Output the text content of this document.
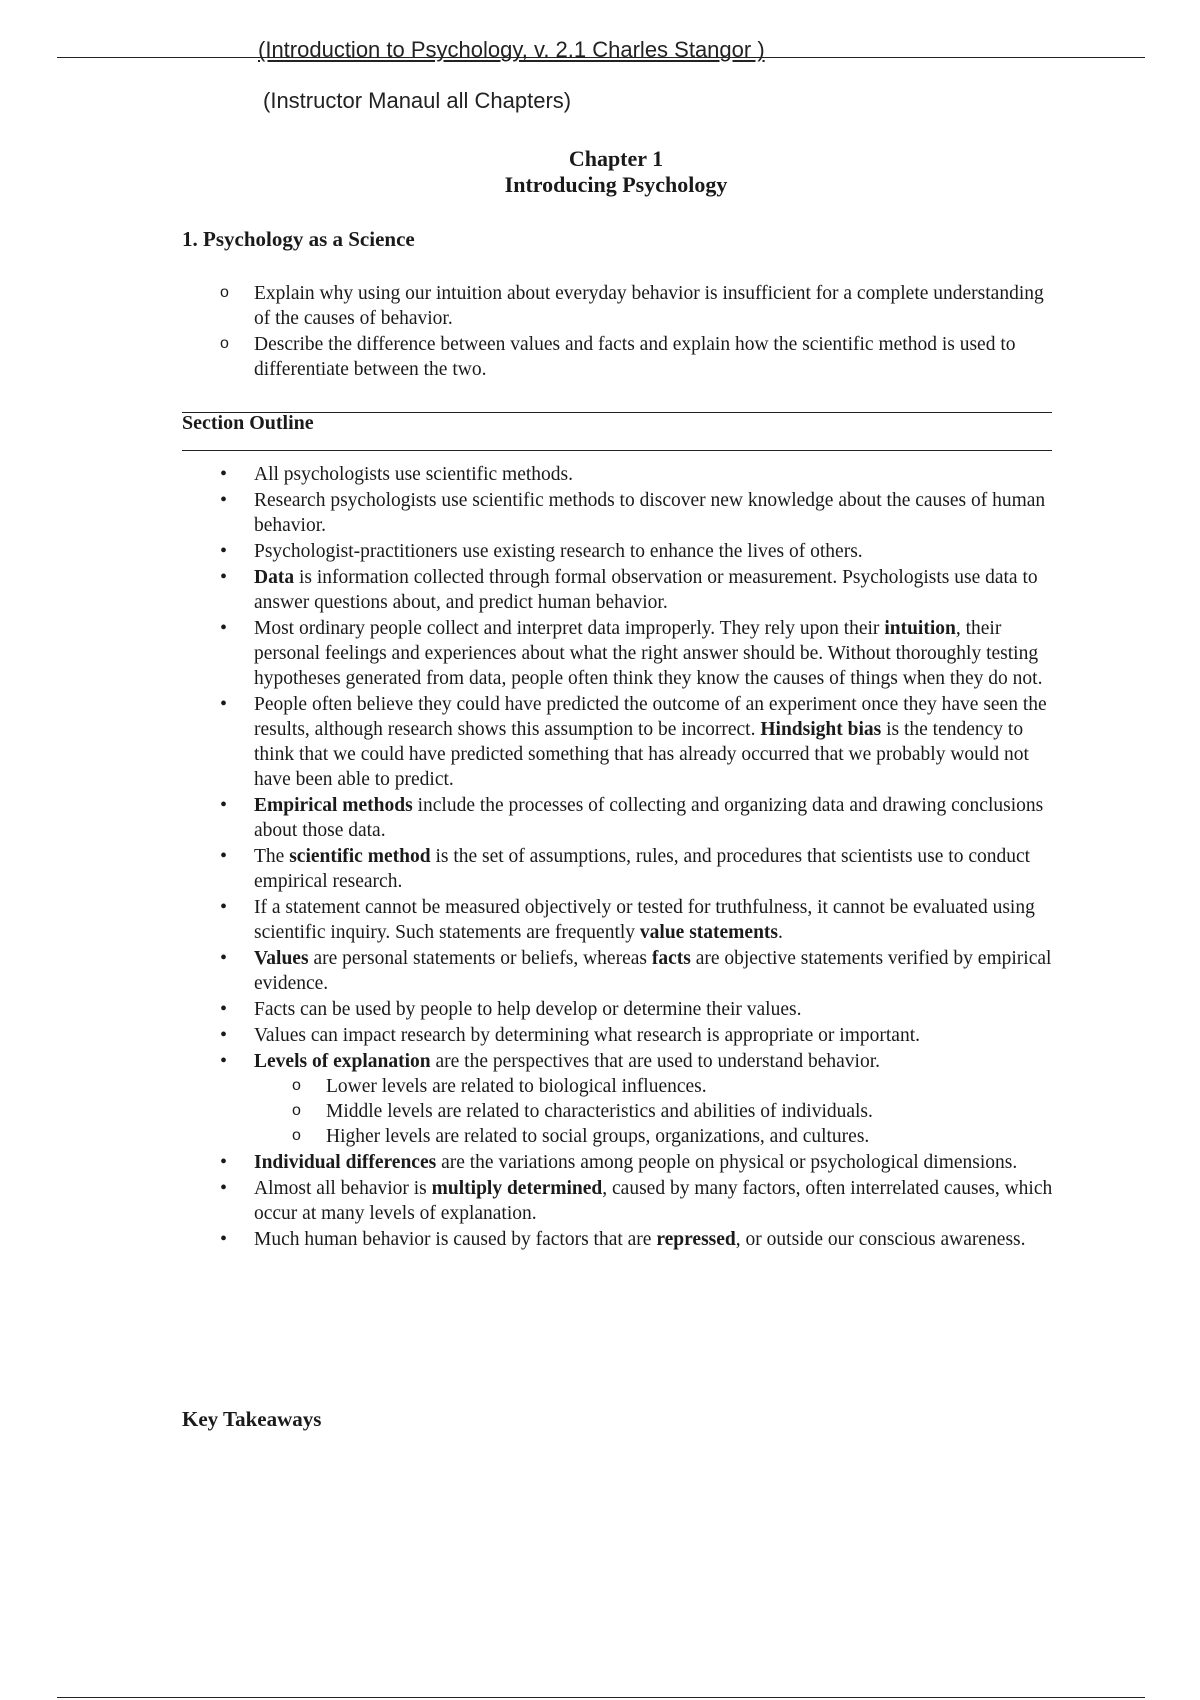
(Introduction to Psychology, v. 2.1 Charles Stangor )
(Instructor Manaul all Chapters)
Chapter 1
Introducing Psychology
1. Psychology as a Science
o Explain why using our intuition about everyday behavior is insufficient for a complete understanding of the causes of behavior.
o Describe the difference between values and facts and explain how the scientific method is used to differentiate between the two.
Section Outline
• All psychologists use scientific methods.
• Research psychologists use scientific methods to discover new knowledge about the causes of human behavior.
• Psychologist-practitioners use existing research to enhance the lives of others.
• Data is information collected through formal observation or measurement. Psychologists use data to answer questions about, and predict human behavior.
• Most ordinary people collect and interpret data improperly. They rely upon their intuition, their personal feelings and experiences about what the right answer should be. Without thoroughly testing hypotheses generated from data, people often think they know the causes of things when they do not.
• People often believe they could have predicted the outcome of an experiment once they have seen the results, although research shows this assumption to be incorrect. Hindsight bias is the tendency to think that we could have predicted something that has already occurred that we probably would not have been able to predict.
• Empirical methods include the processes of collecting and organizing data and drawing conclusions about those data.
• The scientific method is the set of assumptions, rules, and procedures that scientists use to conduct empirical research.
• If a statement cannot be measured objectively or tested for truthfulness, it cannot be evaluated using scientific inquiry. Such statements are frequently value statements.
• Values are personal statements or beliefs, whereas facts are objective statements verified by empirical evidence.
• Facts can be used by people to help develop or determine their values.
• Values can impact research by determining what research is appropriate or important.
• Levels of explanation are the perspectives that are used to understand behavior.
o Lower levels are related to biological influences.
o Middle levels are related to characteristics and abilities of individuals.
o Higher levels are related to social groups, organizations, and cultures.
• Individual differences are the variations among people on physical or psychological dimensions.
• Almost all behavior is multiply determined, caused by many factors, often interrelated causes, which occur at many levels of explanation.
• Much human behavior is caused by factors that are repressed, or outside our conscious awareness.
Key Takeaways
